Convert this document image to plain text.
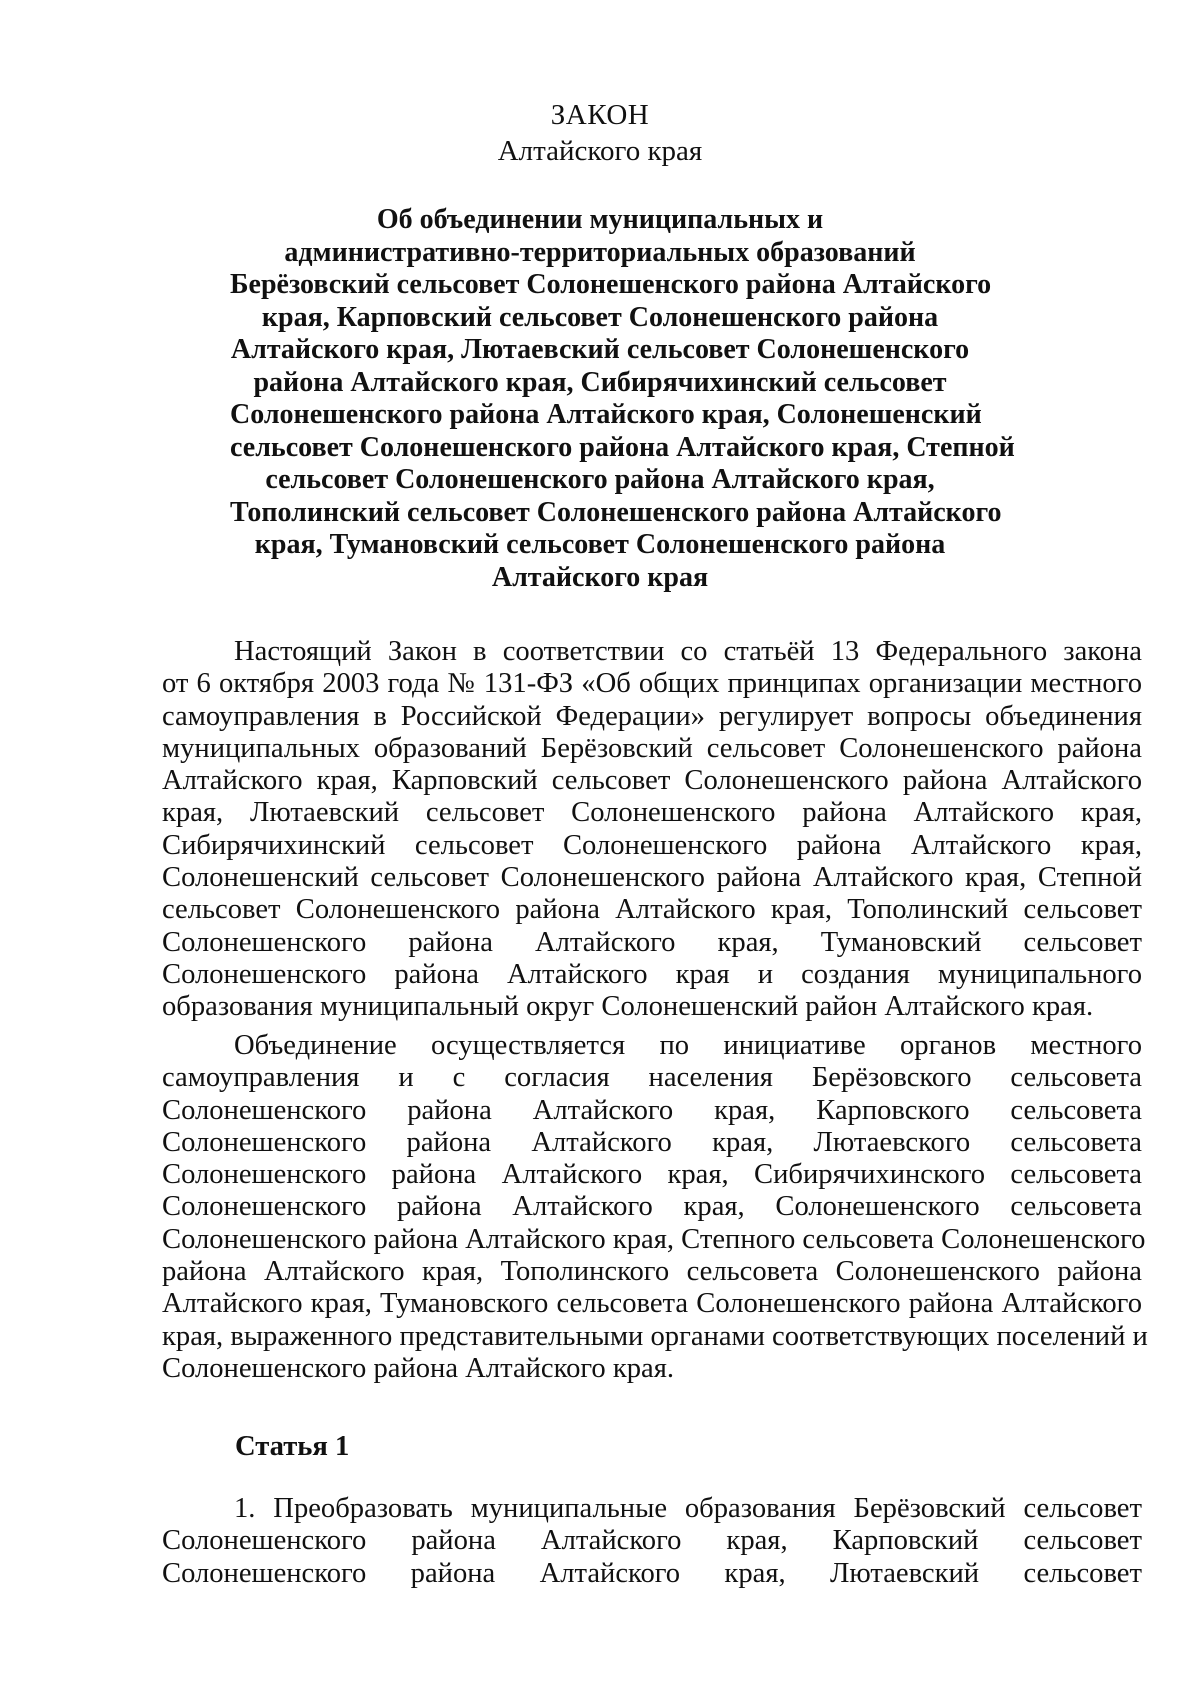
ЗАКОН
Алтайского края
Об объединении муниципальных и
административно-территориальных образований
Берёзовский сельсовет Солонешенского района Алтайского
края, Карповский сельсовет Солонешенского района
Алтайского края, Лютаевский сельсовет Солонешенского
района Алтайского края, Сибирячихинский сельсовет
Солонешенского района Алтайского края, Солонешенский
сельсовет Солонешенского района Алтайского края, Степной
сельсовет Солонешенского района Алтайского края,
Тополинский сельсовет Солонешенского района Алтайского
края, Тумановский сельсовет Солонешенского района
Алтайского края
Настоящий Закон в соответствии со статьёй 13 Федерального закона
от 6 октября 2003 года № 131-ФЗ «Об общих принципах организации местного
самоуправления в Российской Федерации» регулирует вопросы объединения
муниципальных образований Берёзовский сельсовет Солонешенского района
Алтайского края, Карповский сельсовет Солонешенского района Алтайского
края, Лютаевский сельсовет Солонешенского района Алтайского края,
Сибирячихинский сельсовет Солонешенского района Алтайского края,
Солонешенский сельсовет Солонешенского района Алтайского края, Степной
сельсовет Солонешенского района Алтайского края, Тополинский сельсовет
Солонешенского района Алтайского края, Тумановский сельсовет
Солонешенского района Алтайского края и создания муниципального
образования муниципальный округ Солонешенский район Алтайского края.
Объединение осуществляется по инициативе органов местного
самоуправления и с согласия населения Берёзовского сельсовета
Солонешенского района Алтайского края, Карповского сельсовета
Солонешенского района Алтайского края, Лютаевского сельсовета
Солонешенского района Алтайского края, Сибирячихинского сельсовета
Солонешенского района Алтайского края, Солонешенского сельсовета
Солонешенского района Алтайского края, Степного сельсовета Солонешенского
района Алтайского края, Тополинского сельсовета Солонешенского района
Алтайского края, Тумановского сельсовета Солонешенского района Алтайского
края, выраженного представительными органами соответствующих поселений и
Солонешенского района Алтайского края.
Статья 1
1. Преобразовать муниципальные образования Берёзовский сельсовет
Солонешенского района Алтайского края, Карповский сельсовет
Солонешенского района Алтайского края, Лютаевский сельсовет
